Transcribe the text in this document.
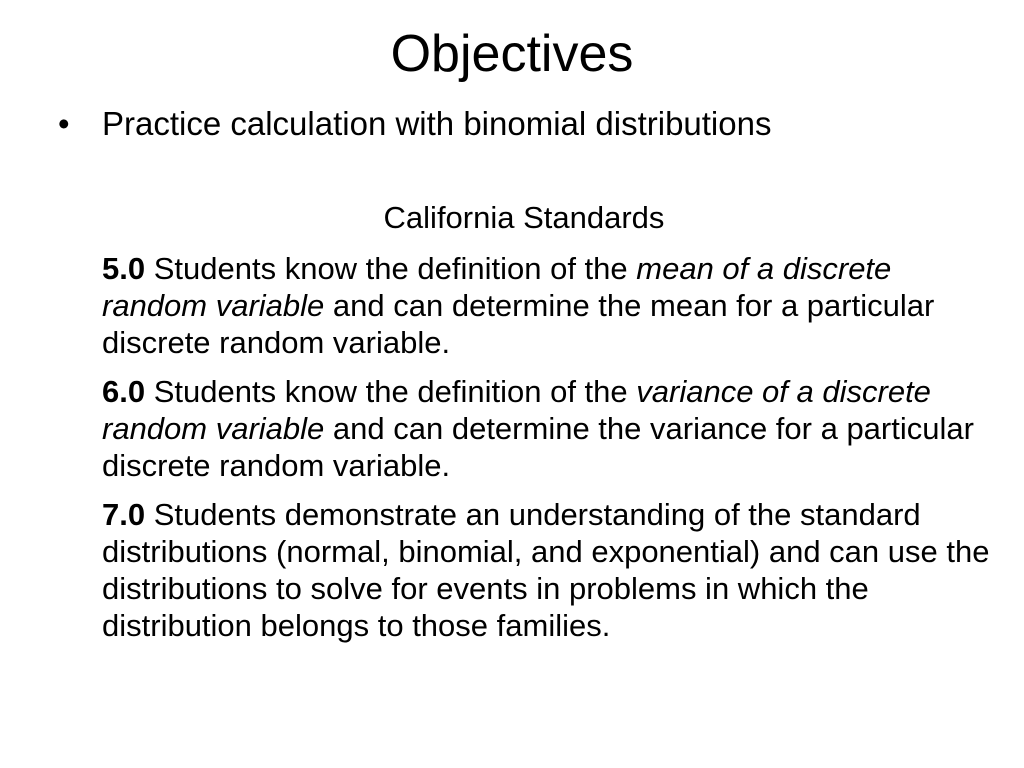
Objectives
• Practice calculation with binomial distributions
California Standards

5.0 Students know the definition of the mean of a discrete random variable and can determine the mean for a particular discrete random variable.

6.0 Students know the definition of the variance of a discrete random variable and can determine the variance for a particular discrete random variable.

7.0 Students demonstrate an understanding of the standard distributions (normal, binomial, and exponential) and can use the distributions to solve for events in problems in which the distribution belongs to those families.
